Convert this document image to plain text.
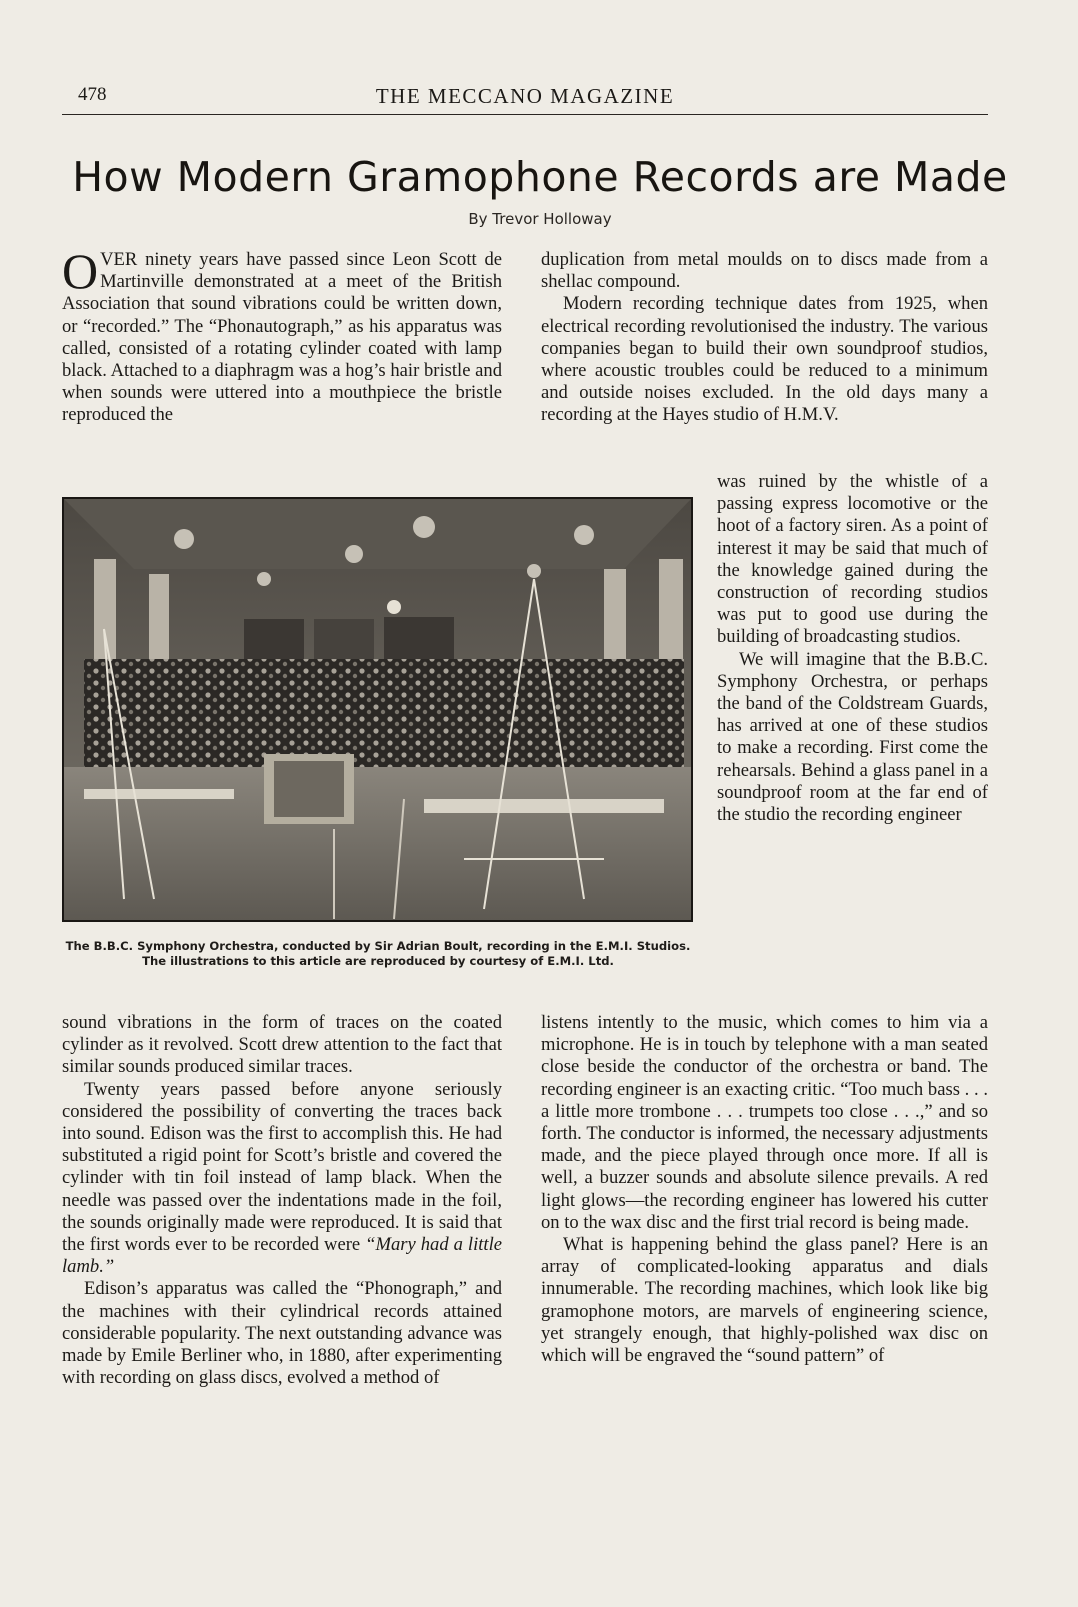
478	THE MECCANO MAGAZINE
How Modern Gramophone Records are Made
By Trevor Holloway

OVER ninety years have passed since Leon Scott de Martinville demonstrated at a meet of the British Association that sound vibrations could be written down, or “recorded.” The “Phonautograph,” as his apparatus was called, consisted of a rotating cylinder coated with lamp black. Attached to a diaphragm was a hog’s hair bristle and when sounds were uttered into a mouthpiece the bristle reproduced the

duplication from metal moulds on to discs made from a shellac compound.

Modern recording technique dates from 1925, when electrical recording revolutionised the industry. The various companies began to build their own soundproof studios, where acoustic troubles could be reduced to a minimum and outside noises excluded. In the old days many a recording at the Hayes studio of H.M.V.

was ruined by the whistle of a passing express locomotive or the hoot of a factory siren. As a point of interest it may be said that much of the knowledge gained during the construction of recording studios was put to good use during the building of broadcasting studios.

We will imagine that the B.B.C. Symphony Orchestra, or perhaps the band of the Coldstream Guards, has arrived at one of these studios to make a recording. First come the rehearsals. Behind a glass panel in a soundproof room at the far end of the studio the recording engineer

The B.B.C. Symphony Orchestra, conducted by Sir Adrian Boult, recording in the E.M.I. Studios. The illustrations to this article are reproduced by courtesy of E.M.I. Ltd.

sound vibrations in the form of traces on the coated cylinder as it revolved. Scott drew attention to the fact that similar sounds produced similar traces.

Twenty years passed before anyone seriously considered the possibility of converting the traces back into sound. Edison was the first to accomplish this. He had substituted a rigid point for Scott’s bristle and covered the cylinder with tin foil instead of lamp black. When the needle was passed over the indentations made in the foil, the sounds originally made were reproduced. It is said that the first words ever to be recorded were “Mary had a little lamb.”

Edison’s apparatus was called the “Phonograph,” and the machines with their cylindrical records attained considerable popularity. The next outstanding advance was made by Emile Berliner who, in 1880, after experimenting with recording on glass discs, evolved a method of

listens intently to the music, which comes to him via a microphone. He is in touch by telephone with a man seated close beside the conductor of the orchestra or band. The recording engineer is an exacting critic. “Too much bass . . . a little more trombone . . . trumpets too close . . .,” and so forth. The conductor is informed, the necessary adjustments made, and the piece played through once more. If all is well, a buzzer sounds and absolute silence prevails. A red light glows—the recording engineer has lowered his cutter on to the wax disc and the first trial record is being made.

What is happening behind the glass panel? Here is an array of complicated-looking apparatus and dials innumerable. The recording machines, which look like big gramophone motors, are marvels of engineering science, yet strangely enough, that highly-polished wax disc on which will be engraved the “sound pattern” of
